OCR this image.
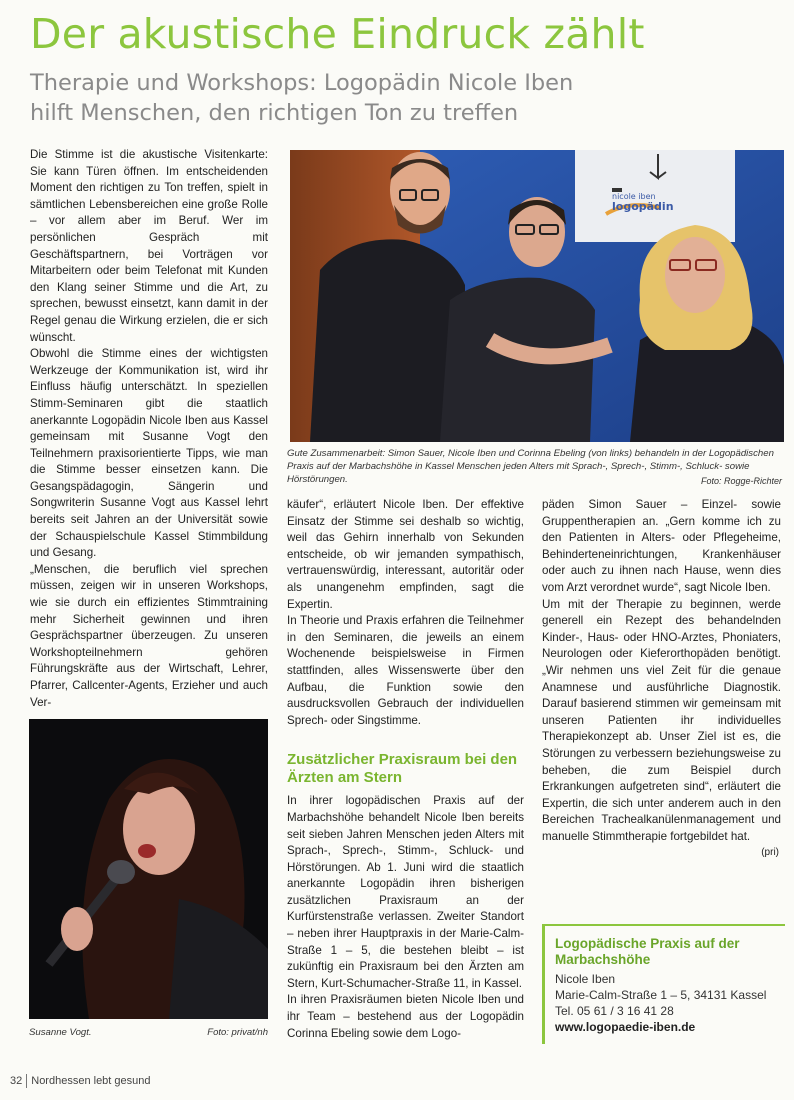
Der akustische Eindruck zählt
Therapie und Workshops: Logopädin Nicole Iben
hilft Menschen, den richtigen Ton zu treffen

Die Stimme ist die akustische Visitenkarte: Sie kann Türen öffnen. Im entscheidenden Moment den richtigen zu Ton treffen, spielt in sämtlichen Lebensbereichen eine große Rolle – vor allem aber im Beruf. Wer im persönlichen Gespräch mit Geschäftspartnern, bei Vorträgen vor Mitarbeitern oder beim Telefonat mit Kunden den Klang seiner Stimme und die Art, zu sprechen, bewusst einsetzt, kann damit in der Regel genau die Wirkung erzielen, die er sich wünscht.

Obwohl die Stimme eines der wichtigsten Werkzeuge der Kommunikation ist, wird ihr Einfluss häufig unterschätzt. In speziellen Stimm-Seminaren gibt die staatlich anerkannte Logopädin Nicole Iben aus Kassel gemeinsam mit Susanne Vogt den Teilnehmern praxisorientierte Tipps, wie man die Stimme besser einsetzen kann. Die Gesangspädagogin, Sängerin und Songwriterin Susanne Vogt aus Kassel lehrt bereits seit Jahren an der Universität sowie der Schauspielschule Kassel Stimmbildung und Gesang.

„Menschen, die beruflich viel sprechen müssen, zeigen wir in unseren Workshops, wie sie durch ein effizientes Stimmtraining mehr Sicherheit gewinnen und ihren Gesprächspartner überzeugen. Zu unseren Workshopteilnehmern gehören Führungskräfte aus der Wirtschaft, Lehrer, Pfarrer, Callcenter-Agents, Erzieher und auch Ver-

nicole iben
logopädin
Gute Zusammenarbeit: Simon Sauer, Nicole Iben und Corinna Ebeling (von links) behandeln in der Logopädischen Praxis auf der Marbachshöhe in Kassel Menschen jeden Alters mit Sprach-, Sprech-, Stimm-, Schluck- sowie Hörstörungen.	Foto: Rogge-Richter
Susanne Vogt.	Foto: privat/nh

käufer“, erläutert Nicole Iben. Der effektive Einsatz der Stimme sei deshalb so wichtig, weil das Gehirn innerhalb von Sekunden entscheide, ob wir jemanden sympathisch, vertrauenswürdig, interessant, autoritär oder als unangenehm empfinden, sagt die Expertin.

In Theorie und Praxis erfahren die Teilnehmer in den Seminaren, die jeweils an einem Wochenende beispielsweise in Firmen stattfinden, alles Wissenswerte über den Aufbau, die Funktion sowie den ausdrucksvollen Gebrauch der individuellen Sprech- oder Singstimme.

Zusätzlicher Praxisraum bei den Ärzten am Stern

In ihrer logopädischen Praxis auf der Marbachshöhe behandelt Nicole Iben bereits seit sieben Jahren Menschen jeden Alters mit Sprach-, Sprech-, Stimm-, Schluck- und Hörstörungen. Ab 1. Juni wird die staatlich anerkannte Logopädin ihren bisherigen zusätzlichen Praxisraum an der Kurfürstenstraße verlassen. Zweiter Standort – neben ihrer Hauptpraxis in der Marie-Calm-Straße 1 – 5, die bestehen bleibt – ist zukünftig ein Praxisraum bei den Ärzten am Stern, Kurt-Schumacher-Straße 11, in Kassel.

In ihren Praxisräumen bieten Nicole Iben und ihr Team – bestehend aus der Logopädin Corinna Ebeling sowie dem Logo-

päden Simon Sauer – Einzel- sowie Gruppentherapien an. „Gern komme ich zu den Patienten in Alters- oder Pflegeheime, Behinderteneinrichtungen, Krankenhäuser oder auch zu ihnen nach Hause, wenn dies vom Arzt verordnet wurde“, sagt Nicole Iben.

Um mit der Therapie zu beginnen, werde generell ein Rezept des behandelnden Kinder-, Haus- oder HNO-Arztes, Phoniaters, Neurologen oder Kieferorthopäden benötigt. „Wir nehmen uns viel Zeit für die genaue Anamnese und ausführliche Diagnostik. Darauf basierend stimmen wir gemeinsam mit unseren Patienten ihr individuelles Therapiekonzept ab. Unser Ziel ist es, die Störungen zu verbessern beziehungsweise zu beheben, die zum Beispiel durch Erkrankungen aufgetreten sind“, erläutert die Expertin, die sich unter anderem auch in den Bereichen Trachealkanülenmanagement und manuelle Stimmtherapie fortgebildet hat.

(pri)

Logopädische Praxis auf der Marbachshöhe
Nicole Iben
Marie-Calm-Straße 1 – 5, 34131 Kassel
Tel. 05 61 / 3 16 41 28
www.logopaedie-iben.de
32 Nordhessen lebt gesund
